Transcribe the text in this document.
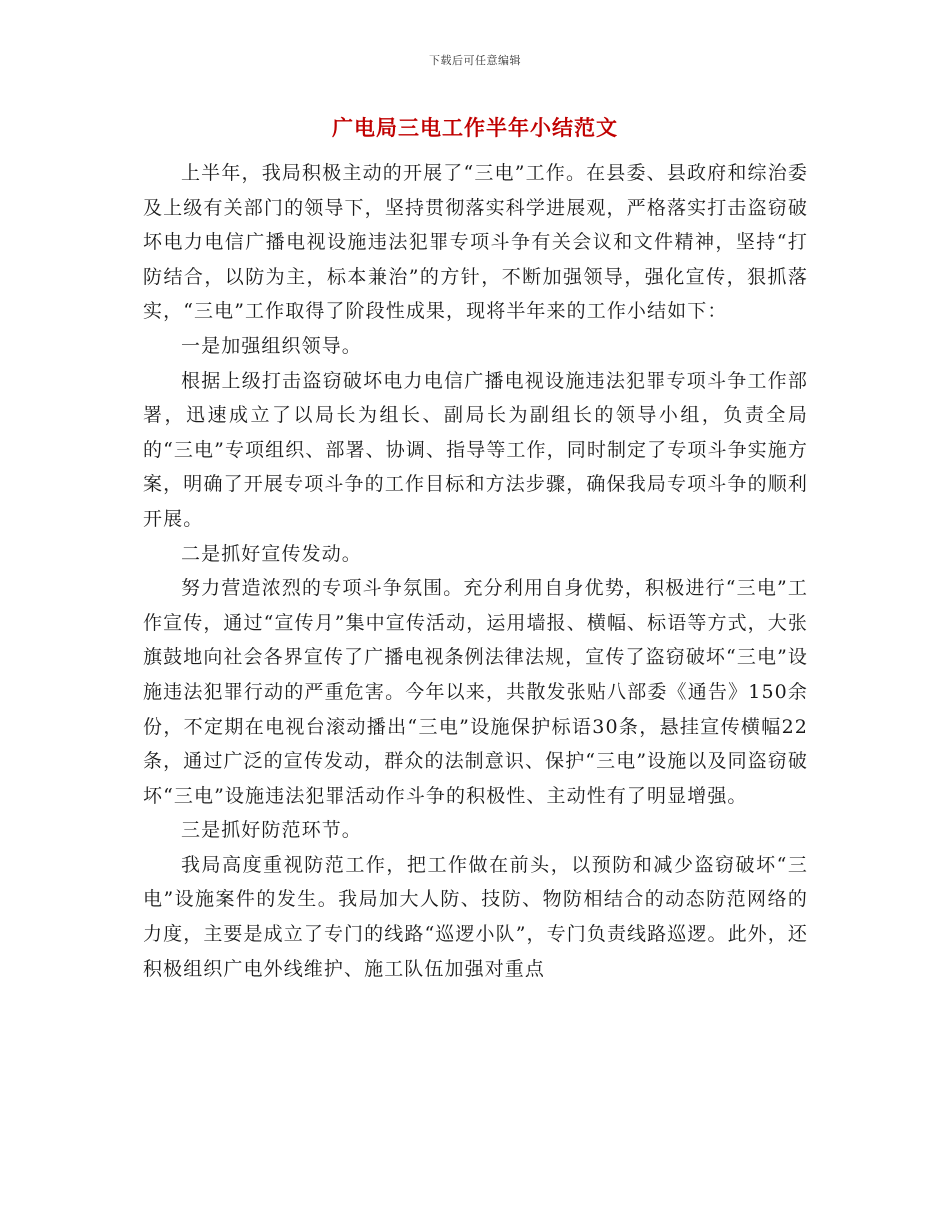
下载后可任意编辑
广电局三电工作半年小结范文

上半年，我局积极主动的开展了“三电”工作。在县委、县政府和综治委及上级有关部门的领导下，坚持贯彻落实科学进展观，严格落实打击盗窃破坏电力电信广播电视设施违法犯罪专项斗争有关会议和文件精神，坚持“打防结合，以防为主，标本兼治”的方针，不断加强领导，强化宣传，狠抓落实，“三电”工作取得了阶段性成果，现将半年来的工作小结如下：

一是加强组织领导。

根据上级打击盗窃破坏电力电信广播电视设施违法犯罪专项斗争工作部署，迅速成立了以局长为组长、副局长为副组长的领导小组，负责全局的“三电”专项组织、部署、协调、指导等工作，同时制定了专项斗争实施方案，明确了开展专项斗争的工作目标和方法步骤，确保我局专项斗争的顺利开展。

二是抓好宣传发动。

努力营造浓烈的专项斗争氛围。充分利用自身优势，积极进行“三电”工作宣传，通过“宣传月”集中宣传活动，运用墙报、横幅、标语等方式，大张旗鼓地向社会各界宣传了广播电视条例法律法规，宣传了盗窃破坏“三电”设施违法犯罪行动的严重危害。今年以来，共散发张贴八部委《通告》150余份，不定期在电视台滚动播出“三电”设施保护标语30条，悬挂宣传横幅22条，通过广泛的宣传发动，群众的法制意识、保护“三电”设施以及同盗窃破坏“三电”设施违法犯罪活动作斗争的积极性、主动性有了明显增强。

三是抓好防范环节。

我局高度重视防范工作，把工作做在前头，以预防和减少盗窃破坏“三电”设施案件的发生。我局加大人防、技防、物防相结合的动态防范网络的力度，主要是成立了专门的线路“巡逻小队”，专门负责线路巡逻。此外，还积极组织广电外线维护、施工队伍加强对重点
